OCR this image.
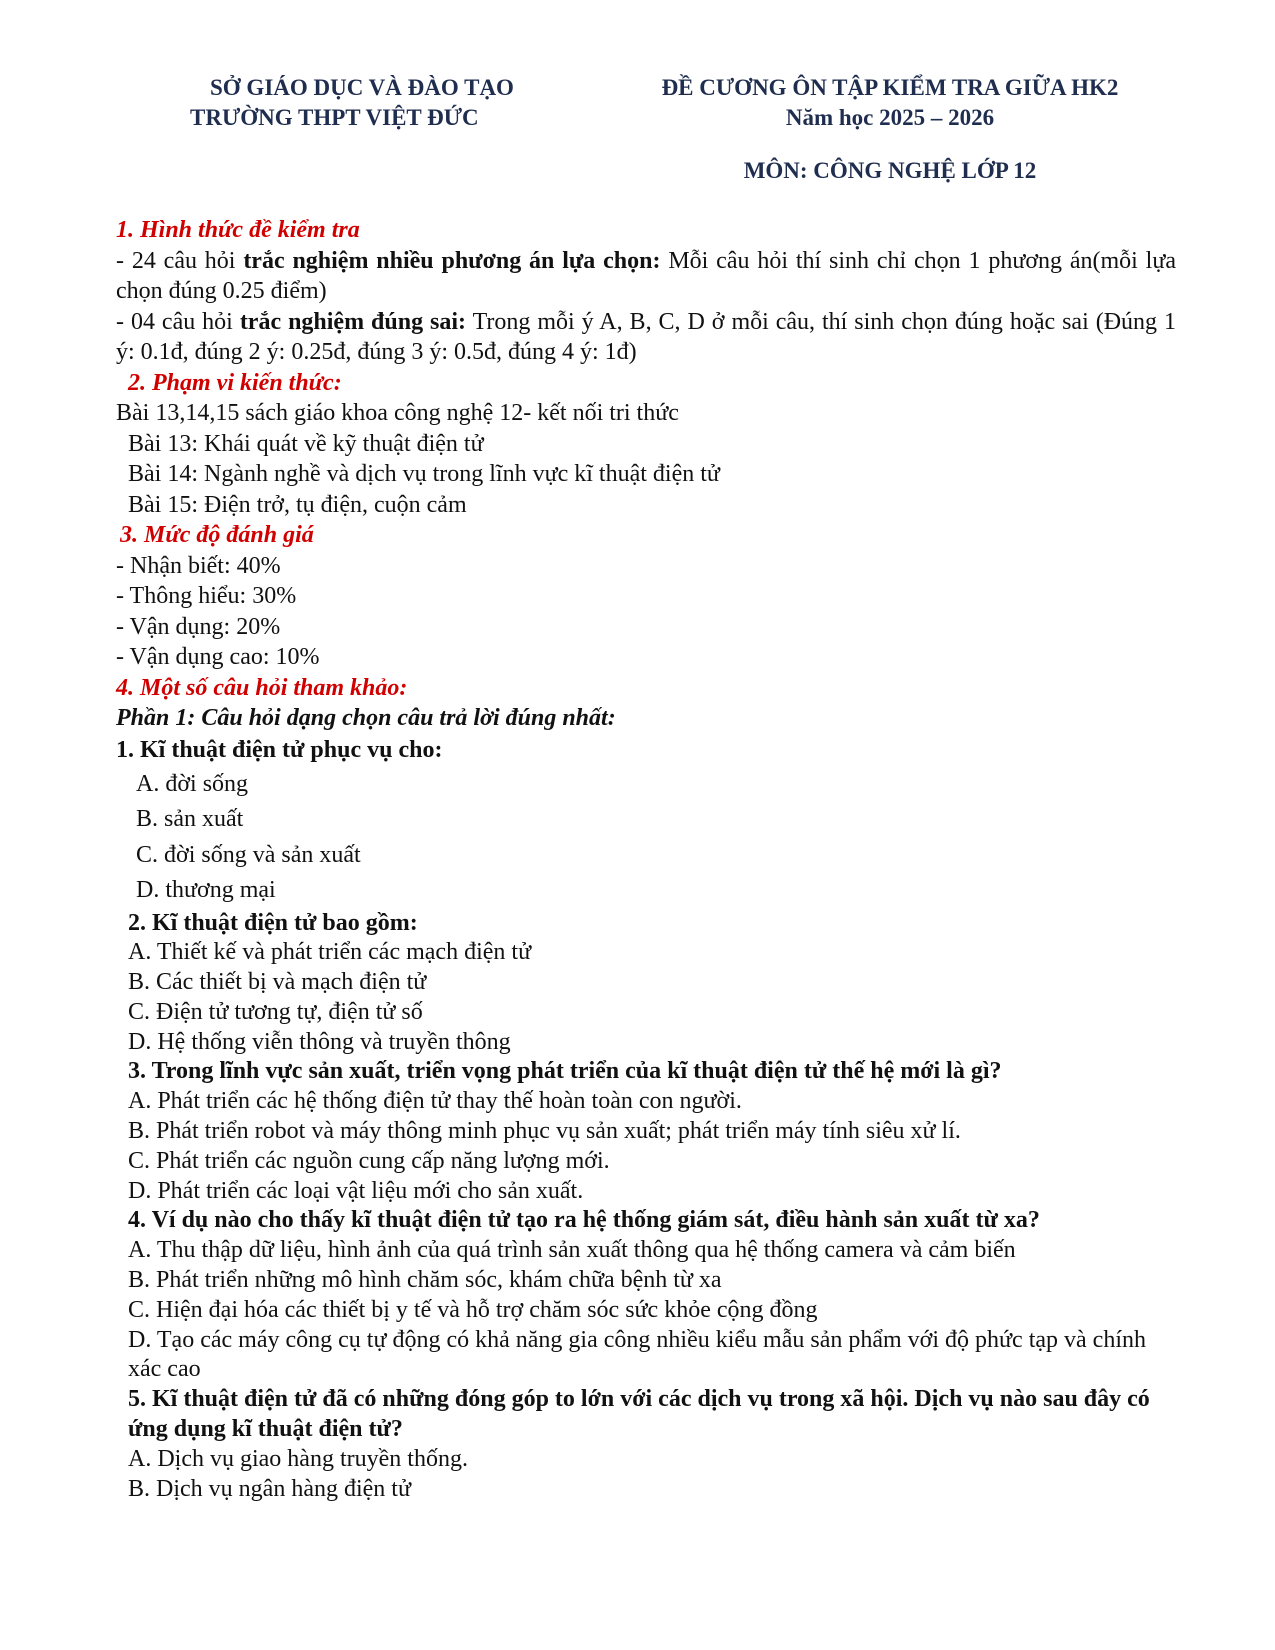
SỞ GIÁO DỤC VÀ ĐÀO TẠO
TRƯỜNG THPT VIỆT ĐỨC
ĐỀ CƯƠNG ÔN TẬP KIỂM TRA GIỮA HK2
Năm học 2025 – 2026
MÔN: CÔNG NGHỆ LỚP 12
1. Hình thức đề kiểm tra

- 24 câu hỏi trắc nghiệm nhiều phương án lựa chọn: Mỗi câu hỏi thí sinh chỉ chọn 1 phương án(mỗi lựa chọn đúng 0.25 điểm)

- 04 câu hỏi trắc nghiệm đúng sai: Trong mỗi ý A, B, C, D ở mỗi câu, thí sinh chọn đúng hoặc sai (Đúng 1 ý: 0.1đ, đúng 2 ý: 0.25đ, đúng 3 ý: 0.5đ, đúng 4 ý: 1đ)

2. Phạm vi kiến thức:
Bài 13,14,15 sách giáo khoa công nghệ 12- kết nối tri thức
Bài 13: Khái quát về kỹ thuật điện tử
Bài 14: Ngành nghề và dịch vụ trong lĩnh vực kĩ thuật điện tử
Bài 15: Điện trở, tụ điện, cuộn cảm
3. Mức độ đánh giá
- Nhận biết: 40%
- Thông hiểu: 30%
- Vận dụng: 20%
- Vận dụng cao: 10%
4. Một số câu hỏi tham khảo:
Phần 1: Câu hỏi dạng chọn câu trả lời đúng nhất:
1. Kĩ thuật điện tử phục vụ cho:
A. đời sống
B. sản xuất
C. đời sống và sản xuất
D. thương mại
2. Kĩ thuật điện tử bao gồm:
A. Thiết kế và phát triển các mạch điện tử
B. Các thiết bị và mạch điện tử
C. Điện tử tương tự, điện tử số
D. Hệ thống viễn thông và truyền thông
3. Trong lĩnh vực sản xuất, triển vọng phát triển của kĩ thuật điện tử thế hệ mới là gì?
A. Phát triển các hệ thống điện tử thay thế hoàn toàn con người.
B. Phát triển robot và máy thông minh phục vụ sản xuất; phát triển máy tính siêu xử lí.
C. Phát triển các nguồn cung cấp năng lượng mới.
D. Phát triển các loại vật liệu mới cho sản xuất.
4. Ví dụ nào cho thấy kĩ thuật điện tử tạo ra hệ thống giám sát, điều hành sản xuất từ xa?
A. Thu thập dữ liệu, hình ảnh của quá trình sản xuất thông qua hệ thống camera và cảm biến
B. Phát triển những mô hình chăm sóc, khám chữa bệnh từ xa
C. Hiện đại hóa các thiết bị y tế và hỗ trợ chăm sóc sức khỏe cộng đồng
D. Tạo các máy công cụ tự động có khả năng gia công nhiều kiểu mẫu sản phẩm với độ phức tạp và chính xác cao
5. Kĩ thuật điện tử đã có những đóng góp to lớn với các dịch vụ trong xã hội. Dịch vụ nào sau đây có ứng dụng kĩ thuật điện tử?
A. Dịch vụ giao hàng truyền thống.
B. Dịch vụ ngân hàng điện tử
